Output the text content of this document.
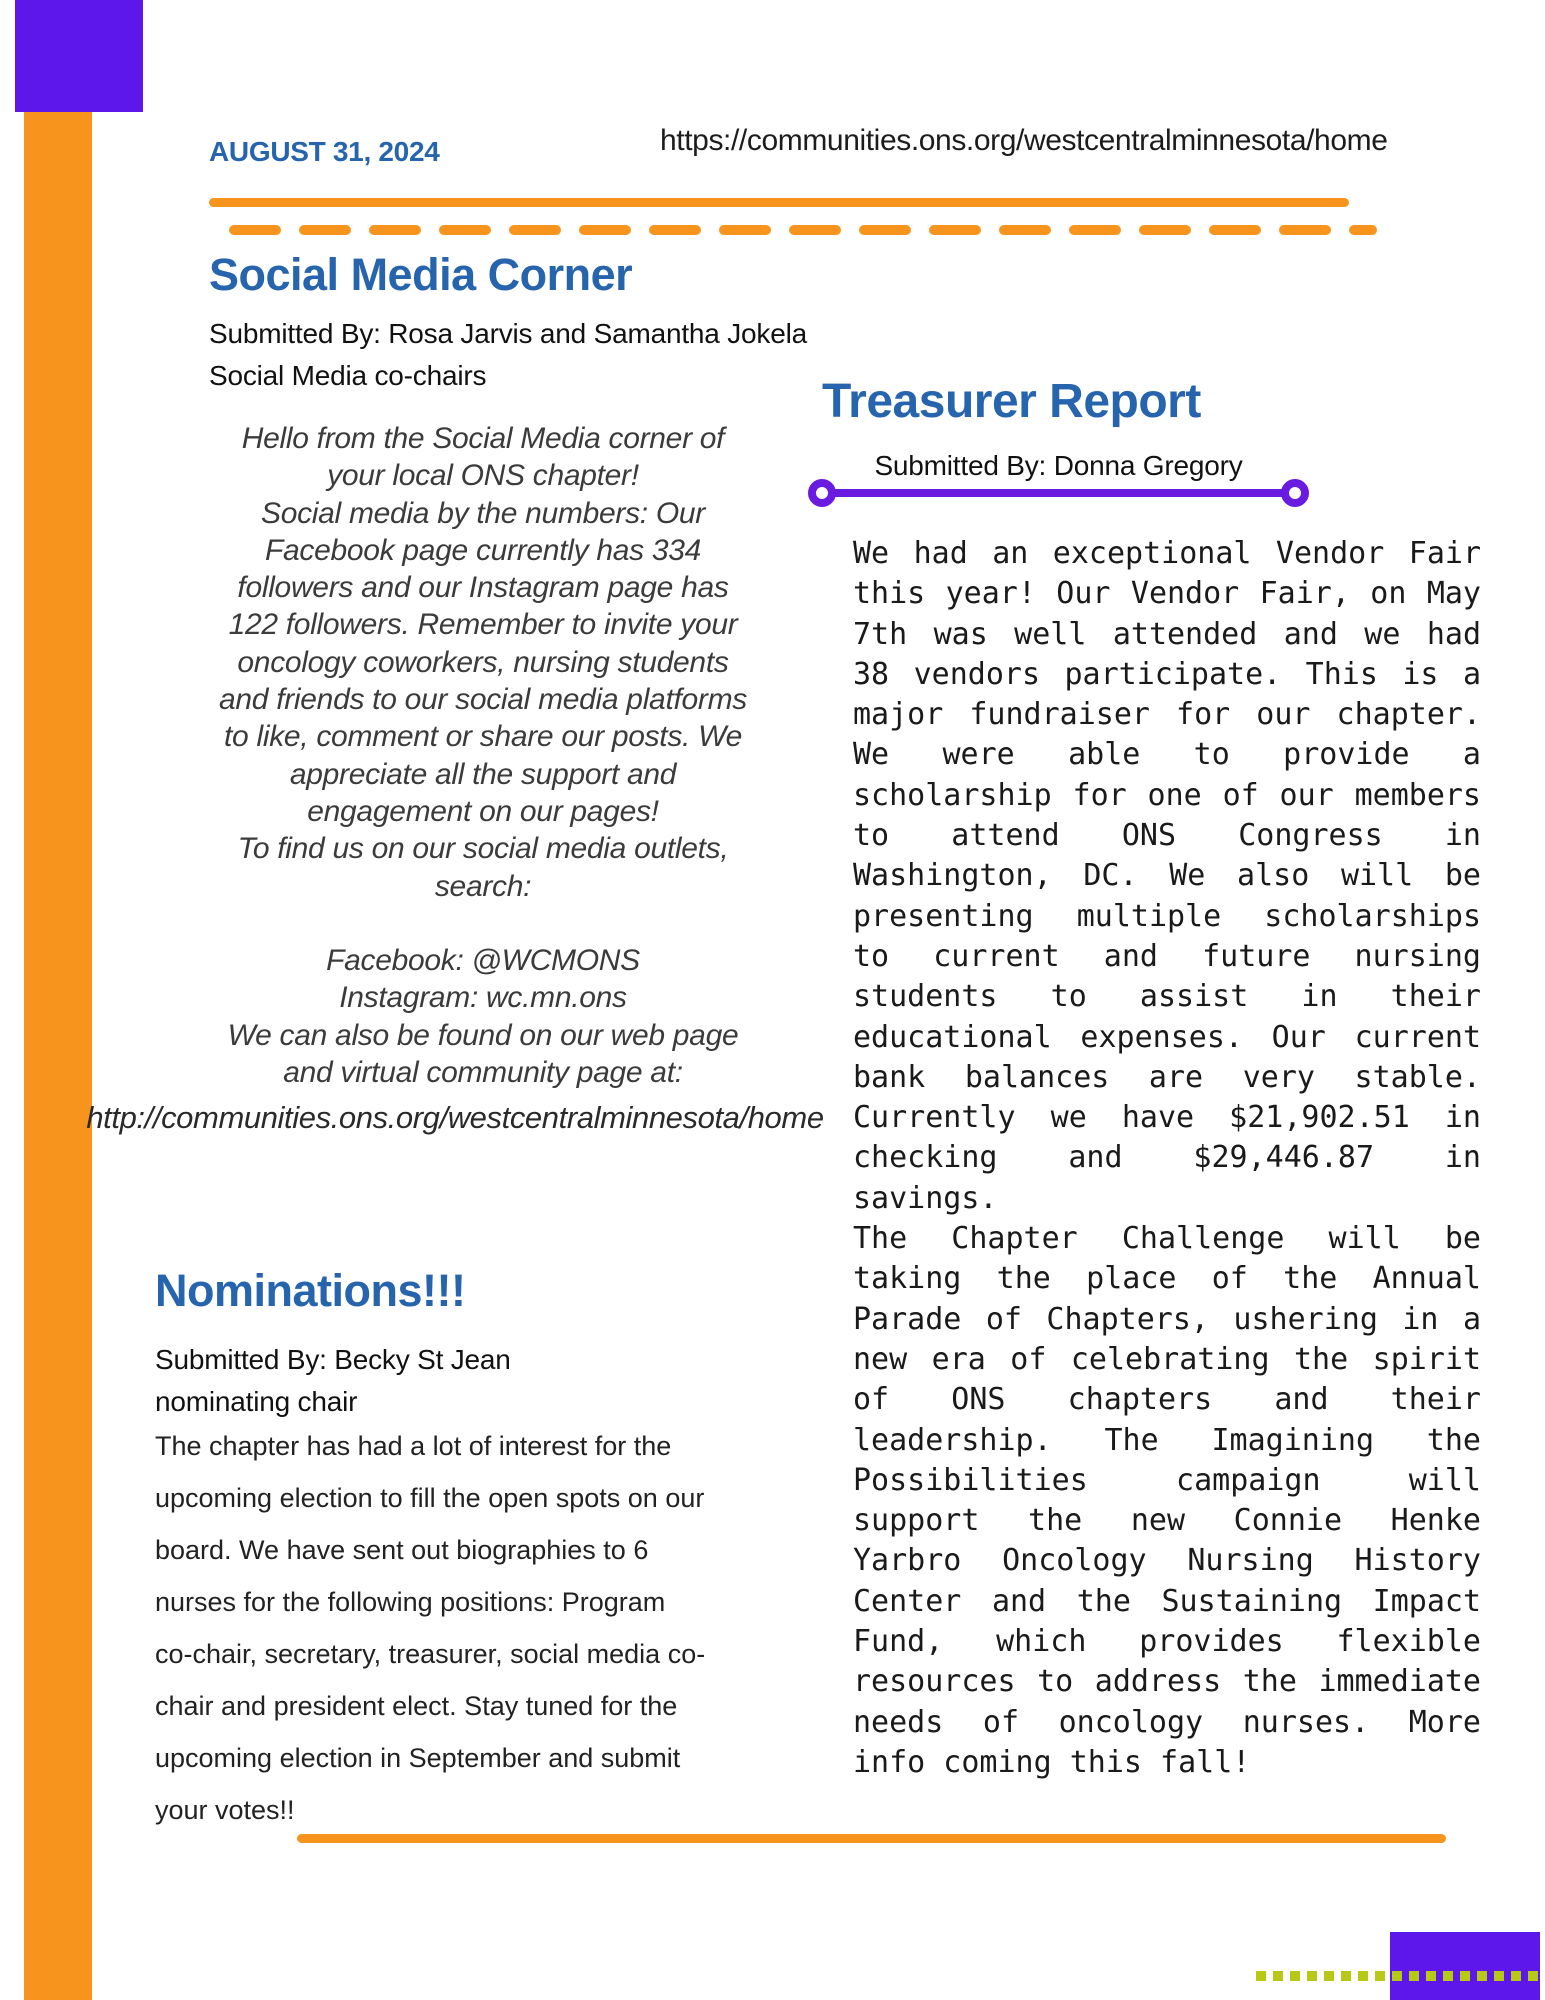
AUGUST 31, 2024	https://communities.ons.org/westcentralminnesota/home
Social Media Corner
Submitted By: Rosa Jarvis and Samantha Jokela
Social Media co-chairs
Hello from the Social Media corner of
your local ONS chapter!
Social media by the numbers: Our
Facebook page currently has 334
followers and our Instagram page has
122 followers. Remember to invite your
oncology coworkers, nursing students
and friends to our social media platforms
to like, comment or share our posts. We
appreciate all the support and
engagement on our pages!
To find us on our social media outlets,
search:

Facebook: @WCMONS
Instagram: wc.mn.ons
We can also be found on our web page
and virtual community page at:
http://communities.ons.org/westcentralminnesota/home
Nominations!!!
Submitted By: Becky St Jean
nominating chair
The chapter has had a lot of interest for the
upcoming election to fill the open spots on our
board. We have sent out biographies to 6
nurses for the following positions: Program
co-chair, secretary, treasurer, social media co-
chair and president elect. Stay tuned for the
upcoming election in September and submit
your votes!!
Treasurer Report
Submitted By: Donna Gregory
We had an exceptional Vendor Fair
this year! Our Vendor Fair, on May
7th was well attended and we had
38 vendors participate. This is a
major fundraiser for our chapter.
We were able to provide a
scholarship for one of our members
to attend ONS Congress in
Washington, DC. We also will be
presenting multiple scholarships
to current and future nursing
students to assist in their
educational expenses. Our current
bank balances are very stable.
Currently we have $21,902.51 in
checking and $29,446.87 in
savings.
The Chapter Challenge will be
taking the place of the Annual
Parade of Chapters, ushering in a
new era of celebrating the spirit
of ONS chapters and their
leadership. The Imagining the
Possibilities campaign will
support the new Connie Henke
Yarbro Oncology Nursing History
Center and the Sustaining Impact
Fund, which provides flexible
resources to address the immediate
needs of oncology nurses. More
info coming this fall!
